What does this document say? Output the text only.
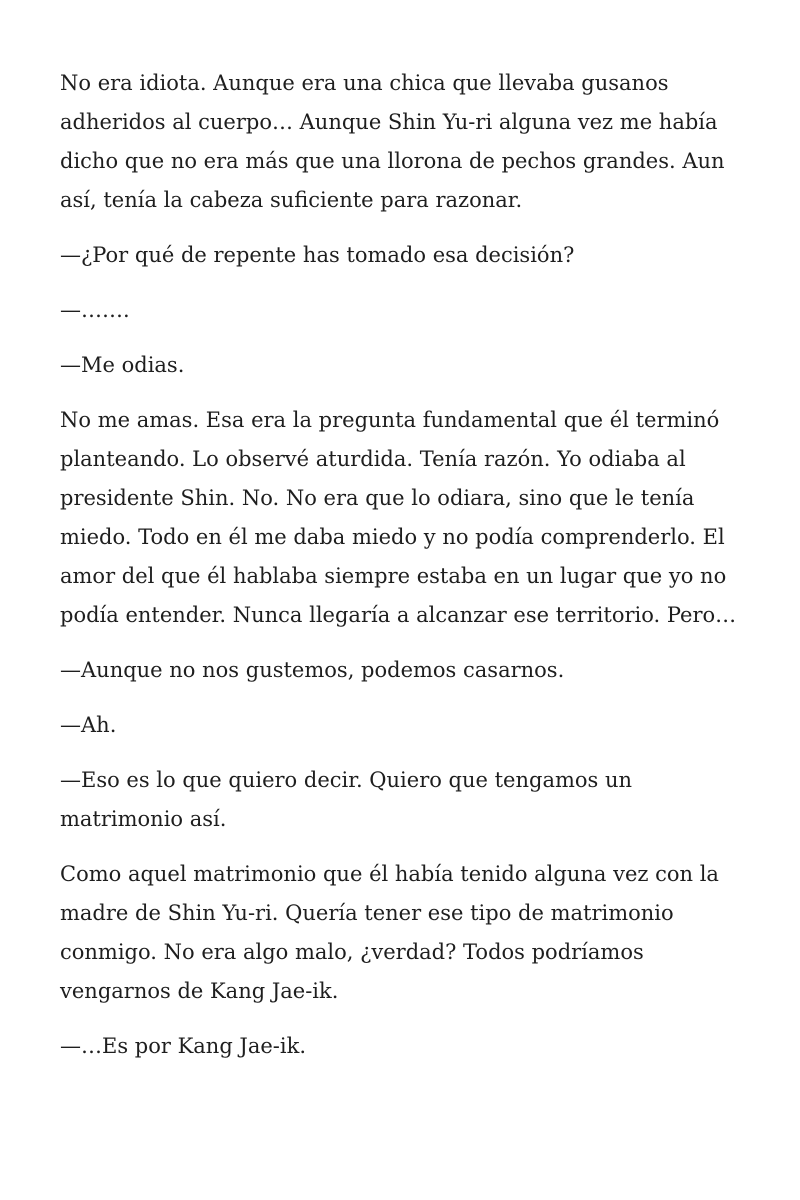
No era idiota. Aunque era una chica que llevaba gusanos adheridos al cuerpo… Aunque Shin Yu-ri alguna vez me había dicho que no era más que una llorona de pechos grandes. Aun así, tenía la cabeza suficiente para razonar.

—¿Por qué de repente has tomado esa decisión?

—…….

—Me odias.

No me amas. Esa era la pregunta fundamental que él terminó planteando. Lo observé aturdida. Tenía razón. Yo odiaba al presidente Shin. No. No era que lo odiara, sino que le tenía miedo. Todo en él me daba miedo y no podía comprenderlo. El amor del que él hablaba siempre estaba en un lugar que yo no podía entender. Nunca llegaría a alcanzar ese territorio. Pero…

—Aunque no nos gustemos, podemos casarnos.

—Ah.

—Eso es lo que quiero decir. Quiero que tengamos un matrimonio así.

Como aquel matrimonio que él había tenido alguna vez con la madre de Shin Yu-ri. Quería tener ese tipo de matrimonio conmigo. No era algo malo, ¿verdad? Todos podríamos vengarnos de Kang Jae-ik.

—…Es por Kang Jae-ik.
